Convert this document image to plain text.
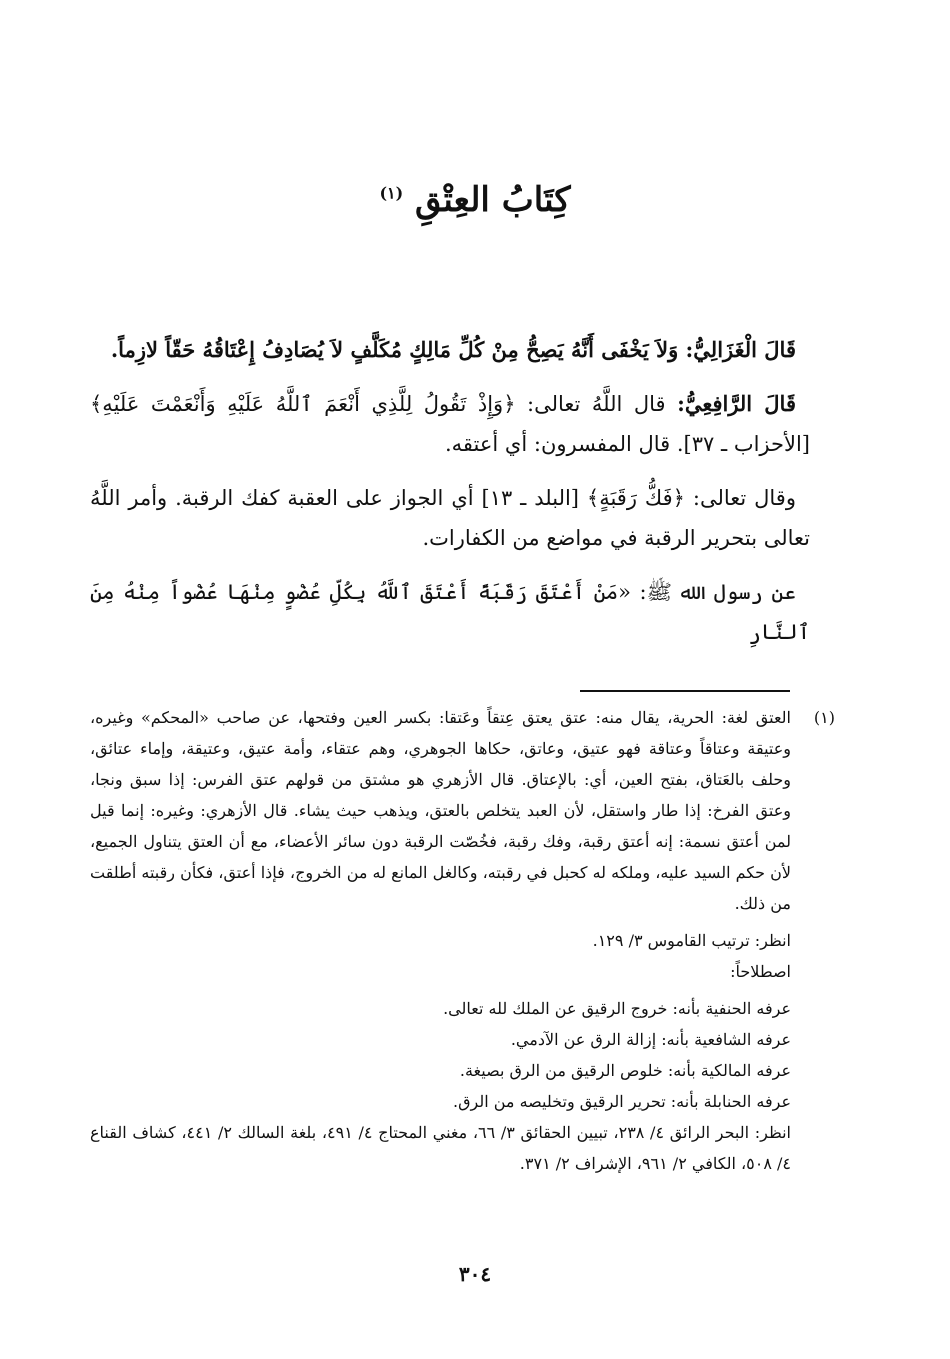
كِتَابُ العِتْقِ $^{(١)}$

قَالَ الْغَزَالِيُّ: وَلاَ يَخْفَى أَنَّهُ يَصِحُّ مِنْ كُلِّ مَالِكٍ مُكَلَّفٍ لاَ يُصَادِفُ إِعْتَاقُهُ حَقّاً لازِماً.

قَالَ الرَّافِعِيُّ: قال اللَّهُ تعالى: ﴿وَإِذْ تَقُولُ لِلَّذِي أَنْعَمَ ٱللَّهُ عَلَيْهِ وَأَنْعَمْتَ عَلَيْهِ﴾ [الأحزاب ـ ٣٧]. قال المفسرون: أي أعتقه.

وقال تعالى: ﴿فَكُّ رَقَبَةٍ﴾ [البلد ـ ١٣] أي الجواز على العقبة كفك الرقبة. وأمر اللَّهُ تعالى بتحرير الرقبة في مواضع من الكفارات.

عن رسول الله ﷺ: «مَنْ أَعْتَقَ رَقَبَةً أَعْتَقَ ٱللَّهُ بِكُلِّ عُضْوٍ مِنْهَا عُضْواً مِنْهُ مِنَ ٱلنَّارِ

(١)

العتق لغة: الحرية، يقال منه: عتق يعتق عِتقاً وعَتقا: بكسر العين وفتحها، عن صاحب «المحكم» وغيره، وعتيقة وعتاقاً وعتاقة فهو عتيق، وعاتق، حكاها الجوهري، وهم عتقاء، وأمة عتيق، وعتيقة، وإماء عتائق، وحلف بالعَتاق، بفتح العين، أي: بالإعتاق. قال الأزهري هو مشتق من قولهم عتق الفرس: إذا سبق ونجا، وعتق الفرخ: إذا طار واستقل، لأن العبد يتخلص بالعتق، ويذهب حيث يشاء. قال الأزهري: وغيره: إنما قيل لمن أعتق نسمة: إنه أعتق رقبة، وفك رقبة، فخُصّت الرقبة دون سائر الأعضاء، مع أن العتق يتناول الجميع، لأن حكم السيد عليه، وملكه له كحبل في رقبته، وكالغل المانع له من الخروج، فإذا أعتق، فكأن رقبته أطلقت من ذلك.

انظر: ترتيب القاموس ٣/ ١٢٩.

اصطلاحاً:

عرفه الحنفية بأنه: خروج الرقيق عن الملك لله تعالى.

عرفه الشافعية بأنه: إزالة الرق عن الآدمي.

عرفه المالكية بأنه: خلوص الرقيق من الرق بصيغة.

عرفه الحنابلة بأنه: تحرير الرقيق وتخليصه من الرق.

انظر: البحر الرائق ٤/ ٢٣٨، تبيين الحقائق ٣/ ٦٦، مغني المحتاج ٤/ ٤٩١، بلغة السالك ٢/ ٤٤١، كشاف القناع ٤/ ٥٠٨، الكافي ٢/ ٩٦١، الإشراف ٢/ ٣٧١.

٣٠٤
